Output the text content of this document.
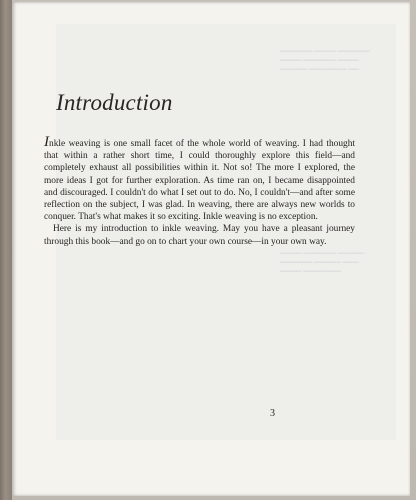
▁▁▁▁▁▁ ▁▁▁▁ ▁▁▁▁▁▁
▁▁▁▁ ▁▁▁▁▁▁ ▁▁▁▁
▁▁▁▁▁ ▁▁▁▁▁▁▁ ▁▁
▁▁▁▁ ▁▁▁▁▁▁ ▁▁▁▁▁
▁▁▁▁▁▁ ▁▁▁▁▁ ▁▁▁
▁▁▁▁ ▁▁▁▁▁▁▁
Introduction

Inkle weaving is one small facet of the whole world of weaving. I had thought that within a rather short time, I could thoroughly explore this field—and completely exhaust all possibilities within it. Not so! The more I explored, the more ideas I got for further exploration. As time ran on, I became disappointed and discouraged. I couldn't do what I set out to do. No, I couldn't—and after some reflection on the subject, I was glad. In weaving, there are always new worlds to conquer. That's what makes it so exciting. Inkle weaving is no exception.

Here is my introduction to inkle weaving. May you have a pleasant journey through this book—and go on to chart your own course—in your own way.

3
